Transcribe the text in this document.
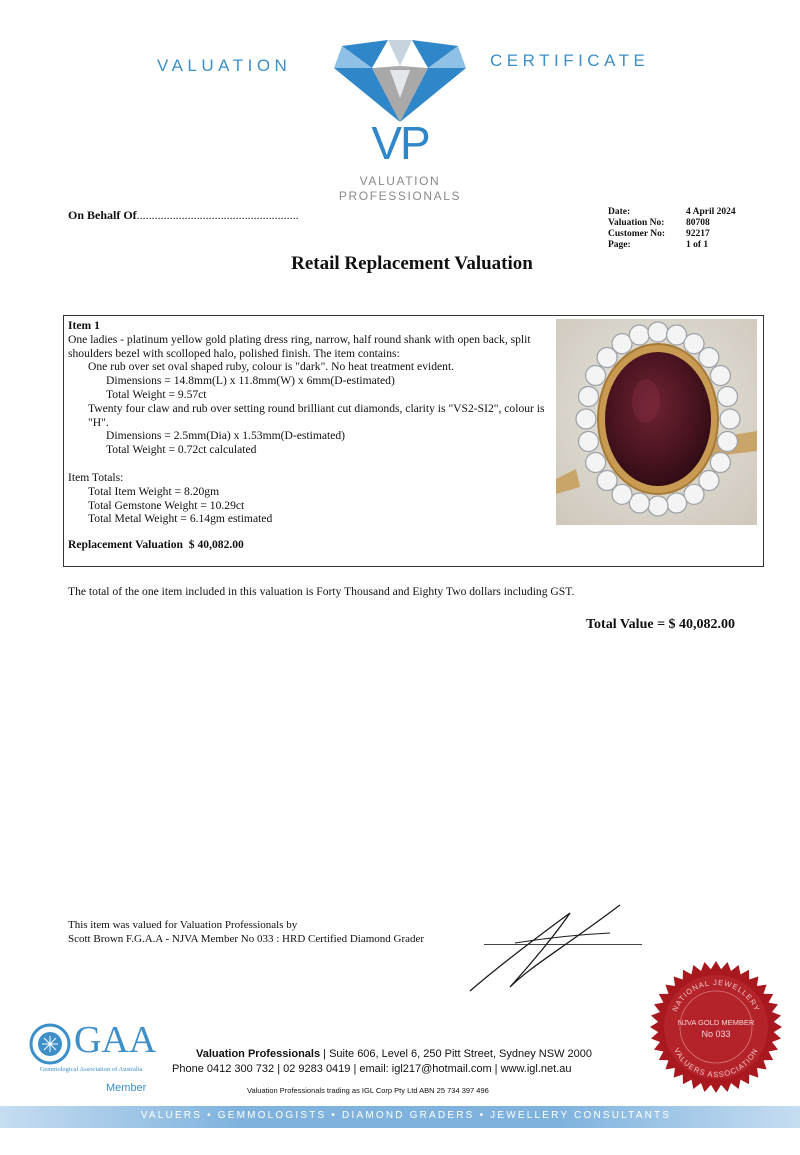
VALUATION	CERTIFICATE
VP
VALUATION
PROFESSIONALS
On Behalf Of......................................................	Date:
Valuation No:
Customer No:
Page:
4 April 2024
80708
92217
1 of 1
Retail Replacement Valuation
Item 1
One ladies - platinum yellow gold plating dress ring, narrow, half round shank with open back, split shoulders bezel with scolloped halo, polished finish. The item contains:
One rub over set oval shaped ruby, colour is "dark". No heat treatment evident.
Dimensions = 14.8mm(L) x 11.8mm(W) x 6mm(D-estimated)
Total Weight = 9.57ct
Twenty four claw and rub over setting round brilliant cut diamonds, clarity is "VS2-SI2", colour is "H".
Dimensions = 2.5mm(Dia) x 1.53mm(D-estimated)
Total Weight = 0.72ct calculated
Item Totals:
Total Item Weight = 8.20gm
Total Gemstone Weight = 10.29ct
Total Metal Weight = 6.14gm estimated
Replacement Valuation $ 40,082.00
The total of the one item included in this valuation is Forty Thousand and Eighty Two dollars including GST.
Total Value = $ 40,082.00
This item was valued for Valuation Professionals by
Scott Brown F.G.A.A - NJVA Member No 033 : HRD Certified Diamond Grader
NATIONAL JEWELLERY
VALUERS ASSOCIATION
NJVA GOLD MEMBER
No 033
GAA
Gemmological Association of Australia
Member
Valuation Professionals | Suite 606, Level 6, 250 Pitt Street, Sydney NSW 2000
Phone 0412 300 732 | 02 9283 0419 | email: igl217@hotmail.com | www.igl.net.au
Valuation Professionals trading as IGL Corp Pty Ltd ABN 25 734 397 496
VALUERS • GEMMOLOGISTS • DIAMOND GRADERS • JEWELLERY CONSULTANTS
